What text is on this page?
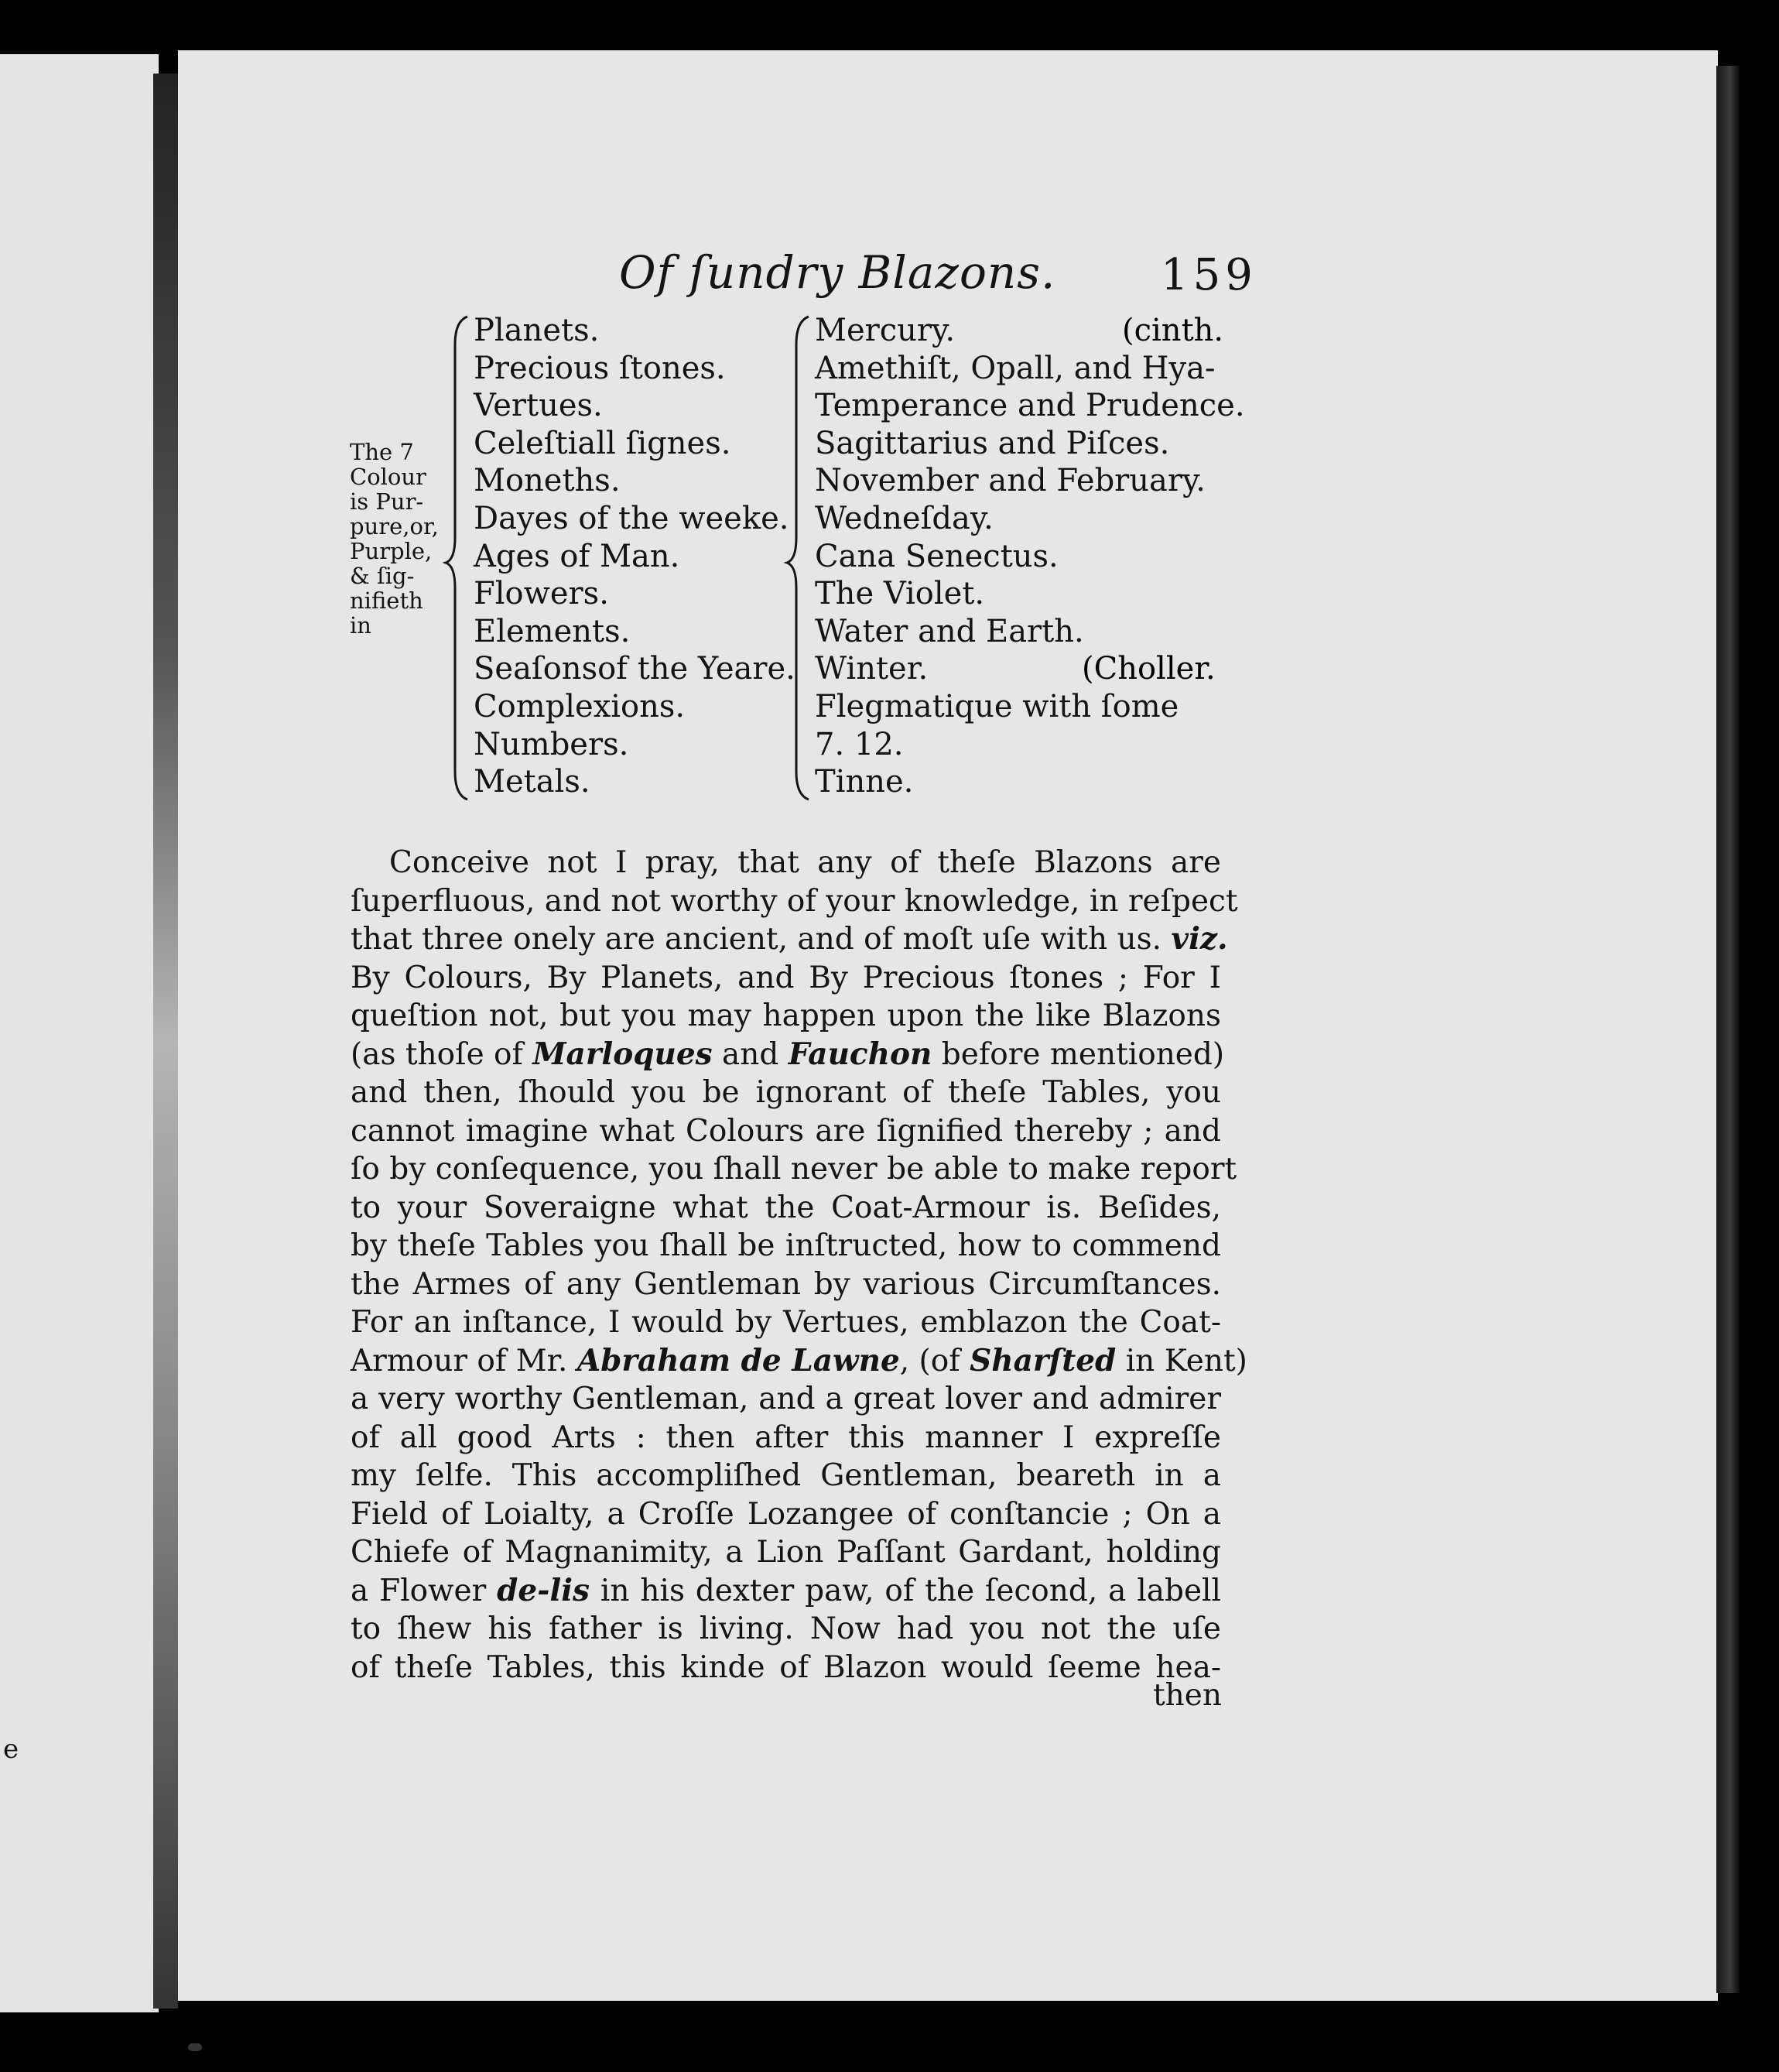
e
Of ſundry Blazons. 159
The 7
Colour
is Pur-
pure,or,
Purple,
& ſig-
nifieth
in
Planets.
Precious ſtones.
Vertues.
Celeſtiall ſignes.
Moneths.
Dayes of the weeke.
Ages of Man.
Flowers.
Elements.
Seaſonsof the Yeare.
Complexions.
Numbers.
Metals.
Mercury.
Amethiſt, Opall, and Hya-
Temperance and Prudence.
Sagittarius and Piſces.
November and February.
Wedneſday.
Cana Senectus.
The Violet.
Water and Earth.
Winter.
Flegmatique with ſome
7. 12.
Tinne.
(cinth.
(Choller.
Conceive not I pray, that any of theſe Blazons are
ſuperfluous, and not worthy of your knowledge, in reſpect
that three onely are ancient, and of moſt uſe with us. viz.
By Colours, By Planets, and By Precious ſtones ; For I
queſtion not, but you may happen upon the like Blazons
(as thoſe of Marloques and Fauchon before mentioned)
and then, ſhould you be ignorant of theſe Tables, you
cannot imagine what Colours are ſignified thereby ; and
ſo by conſequence, you ſhall never be able to make report
to your Soveraigne what the Coat-Armour is. Beſides,
by theſe Tables you ſhall be inſtructed, how to commend
the Armes of any Gentleman by various Circumſtances.
For an inſtance, I would by Vertues, emblazon the Coat-
Armour of Mr. Abraham de Lawne, (of Sharſted in Kent)
a very worthy Gentleman, and a great lover and admirer
of all good Arts : then after this manner I expreſſe
my ſelfe. This accompliſhed Gentleman, beareth in a
Field of Loialty, a Croſſe Lozangee of conſtancie ; On a
Chiefe of Magnanimity, a Lion Paſſant Gardant, holding
a Flower de-lis in his dexter paw, of the ſecond, a labell
to ſhew his father is living. Now had you not the uſe
of theſe Tables, this kinde of Blazon would ſeeme hea-
then
